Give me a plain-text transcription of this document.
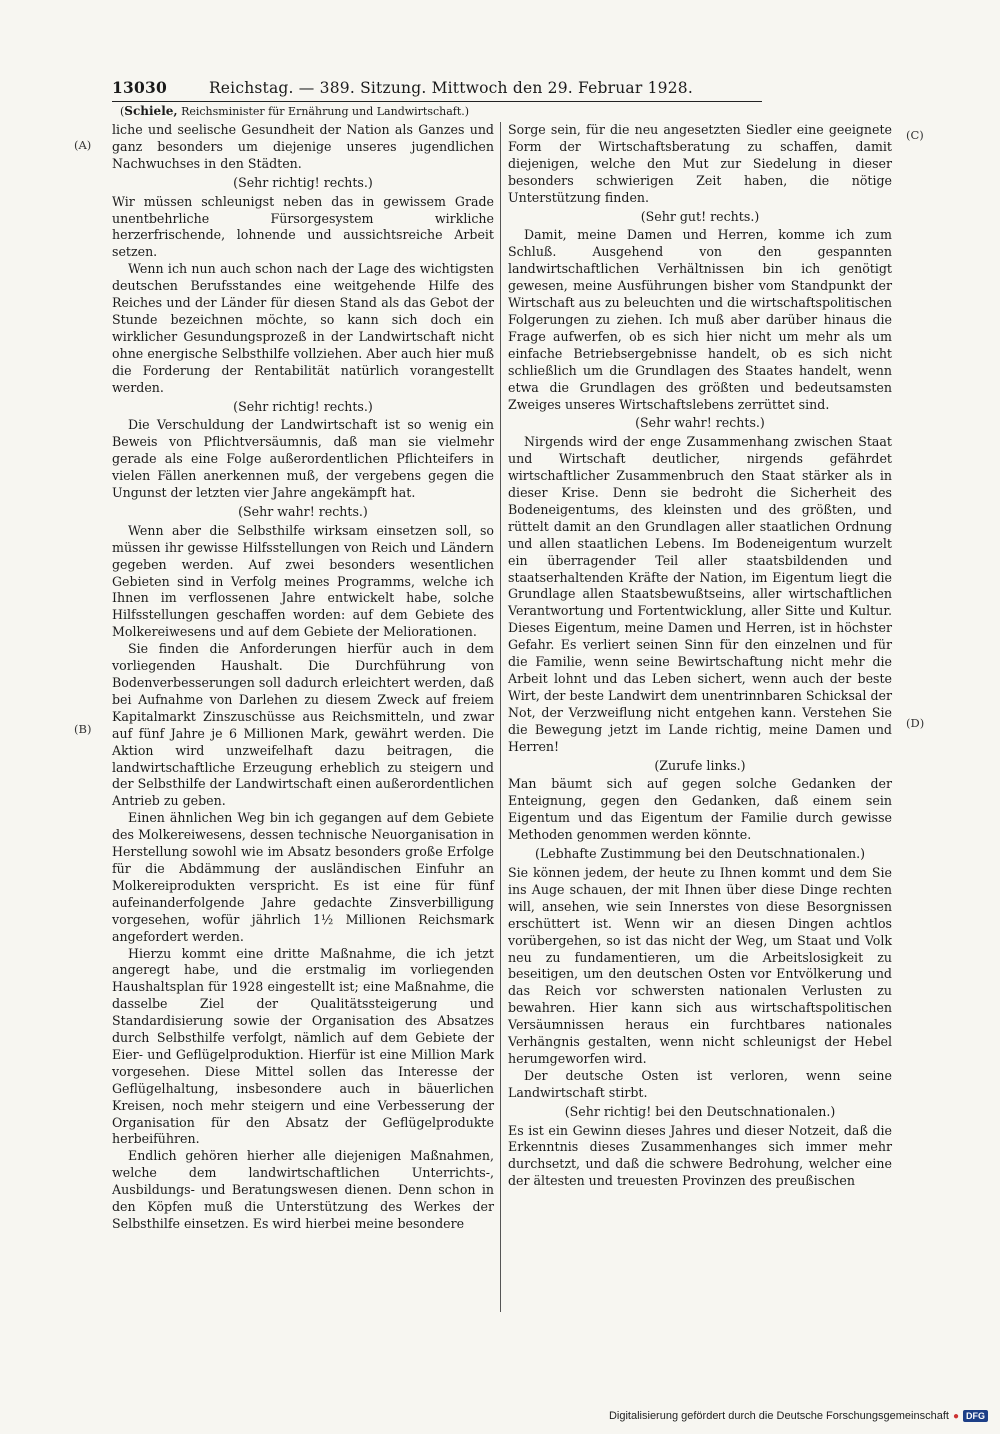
13030	Reichstag. — 389. Sitzung. Mittwoch den 29. Februar 1928.
(Schiele, Reichsminister für Ernährung und Landwirtschaft.)
(A)
(B)
(C)
(D)

liche und seelische Gesundheit der Nation als Ganzes und ganz besonders um diejenige unseres jugendlichen Nachwuchses in den Städten.

(Sehr richtig! rechts.)

Wir müssen schleunigst neben das in gewissem Grade unentbehrliche Fürsorgesystem wirkliche herzerfrischende, lohnende und aussichtsreiche Arbeit setzen.

Wenn ich nun auch schon nach der Lage des wichtigsten deutschen Berufsstandes eine weitgehende Hilfe des Reiches und der Länder für diesen Stand als das Gebot der Stunde bezeichnen möchte, so kann sich doch ein wirklicher Gesundungsprozeß in der Landwirtschaft nicht ohne energische Selbsthilfe vollziehen. Aber auch hier muß die Forderung der Rentabilität natürlich vorangestellt werden.

(Sehr richtig! rechts.)

Die Verschuldung der Landwirtschaft ist so wenig ein Beweis von Pflichtversäumnis, daß man sie vielmehr gerade als eine Folge außerordentlichen Pflichteifers in vielen Fällen anerkennen muß, der vergebens gegen die Ungunst der letzten vier Jahre angekämpft hat.

(Sehr wahr! rechts.)

Wenn aber die Selbsthilfe wirksam einsetzen soll, so müssen ihr gewisse Hilfsstellungen von Reich und Ländern gegeben werden. Auf zwei besonders wesentlichen Gebieten sind in Verfolg meines Programms, welche ich Ihnen im verflossenen Jahre entwickelt habe, solche Hilfsstellungen geschaffen worden: auf dem Gebiete des Molkereiwesens und auf dem Gebiete der Meliorationen.

Sie finden die Anforderungen hierfür auch in dem vorliegenden Haushalt. Die Durchführung von Bodenverbesserungen soll dadurch erleichtert werden, daß bei Aufnahme von Darlehen zu diesem Zweck auf freiem Kapitalmarkt Zinszuschüsse aus Reichsmitteln, und zwar auf fünf Jahre je 6 Millionen Mark, gewährt werden. Die Aktion wird unzweifelhaft dazu beitragen, die landwirtschaftliche Erzeugung erheblich zu steigern und der Selbsthilfe der Landwirtschaft einen außerordentlichen Antrieb zu geben.

Einen ähnlichen Weg bin ich gegangen auf dem Gebiete des Molkereiwesens, dessen technische Neuorganisation in Herstellung sowohl wie im Absatz besonders große Erfolge für die Abdämmung der ausländischen Einfuhr an Molkereiprodukten verspricht. Es ist eine für fünf aufeinanderfolgende Jahre gedachte Zinsverbilligung vorgesehen, wofür jährlich 1½ Millionen Reichsmark angefordert werden.

Hierzu kommt eine dritte Maßnahme, die ich jetzt angeregt habe, und die erstmalig im vorliegenden Haushaltsplan für 1928 eingestellt ist; eine Maßnahme, die dasselbe Ziel der Qualitätssteigerung und Standardisierung sowie der Organisation des Absatzes durch Selbsthilfe verfolgt, nämlich auf dem Gebiete der Eier- und Geflügelproduktion. Hierfür ist eine Million Mark vorgesehen. Diese Mittel sollen das Interesse der Geflügelhaltung, insbesondere auch in bäuerlichen Kreisen, noch mehr steigern und eine Verbesserung der Organisation für den Absatz der Geflügelprodukte herbeiführen.

Endlich gehören hierher alle diejenigen Maßnahmen, welche dem landwirtschaftlichen Unterrichts-, Ausbildungs- und Beratungswesen dienen. Denn schon in den Köpfen muß die Unterstützung des Werkes der Selbsthilfe einsetzen. Es wird hierbei meine besondere

Sorge sein, für die neu angesetzten Siedler eine geeignete Form der Wirtschaftsberatung zu schaffen, damit diejenigen, welche den Mut zur Siedelung in dieser besonders schwierigen Zeit haben, die nötige Unterstützung finden.

(Sehr gut! rechts.)

Damit, meine Damen und Herren, komme ich zum Schluß. Ausgehend von den gespannten landwirtschaftlichen Verhältnissen bin ich genötigt gewesen, meine Ausführungen bisher vom Standpunkt der Wirtschaft aus zu beleuchten und die wirtschaftspolitischen Folgerungen zu ziehen. Ich muß aber darüber hinaus die Frage aufwerfen, ob es sich hier nicht um mehr als um einfache Betriebsergebnisse handelt, ob es sich nicht schließlich um die Grundlagen des Staates handelt, wenn etwa die Grundlagen des größten und bedeutsamsten Zweiges unseres Wirtschaftslebens zerrüttet sind.

(Sehr wahr! rechts.)

Nirgends wird der enge Zusammenhang zwischen Staat und Wirtschaft deutlicher, nirgends gefährdet wirtschaftlicher Zusammenbruch den Staat stärker als in dieser Krise. Denn sie bedroht die Sicherheit des Bodeneigentums, des kleinsten und des größten, und rüttelt damit an den Grundlagen aller staatlichen Ordnung und allen staatlichen Lebens. Im Bodeneigentum wurzelt ein überragender Teil aller staatsbildenden und staatserhaltenden Kräfte der Nation, im Eigentum liegt die Grundlage allen Staatsbewußtseins, aller wirtschaftlichen Verantwortung und Fortentwicklung, aller Sitte und Kultur. Dieses Eigentum, meine Damen und Herren, ist in höchster Gefahr. Es verliert seinen Sinn für den einzelnen und für die Familie, wenn seine Bewirtschaftung nicht mehr die Arbeit lohnt und das Leben sichert, wenn auch der beste Wirt, der beste Landwirt dem unentrinnbaren Schicksal der Not, der Verzweiflung nicht entgehen kann. Verstehen Sie die Bewegung jetzt im Lande richtig, meine Damen und Herren!

(Zurufe links.)

Man bäumt sich auf gegen solche Gedanken der Enteignung, gegen den Gedanken, daß einem sein Eigentum und das Eigentum der Familie durch gewisse Methoden genommen werden könnte.

(Lebhafte Zustimmung bei den Deutschnationalen.)

Sie können jedem, der heute zu Ihnen kommt und dem Sie ins Auge schauen, der mit Ihnen über diese Dinge rechten will, ansehen, wie sein Innerstes von diese Besorgnissen erschüttert ist. Wenn wir an diesen Dingen achtlos vorübergehen, so ist das nicht der Weg, um Staat und Volk neu zu fundamentieren, um die Arbeitslosigkeit zu beseitigen, um den deutschen Osten vor Entvölkerung und das Reich vor schwersten nationalen Verlusten zu bewahren. Hier kann sich aus wirtschaftspolitischen Versäumnissen heraus ein furchtbares nationales Verhängnis gestalten, wenn nicht schleunigst der Hebel herumgeworfen wird.

Der deutsche Osten ist verloren, wenn seine Landwirtschaft stirbt.

(Sehr richtig! bei den Deutschnationalen.)

Es ist ein Gewinn dieses Jahres und dieser Notzeit, daß die Erkenntnis dieses Zusammenhanges sich immer mehr durchsetzt, und daß die schwere Bedrohung, welcher eine der ältesten und treuesten Provinzen des preußischen

Digitalisierung gefördert durch die Deutsche Forschungsgemeinschaft ● DFG
